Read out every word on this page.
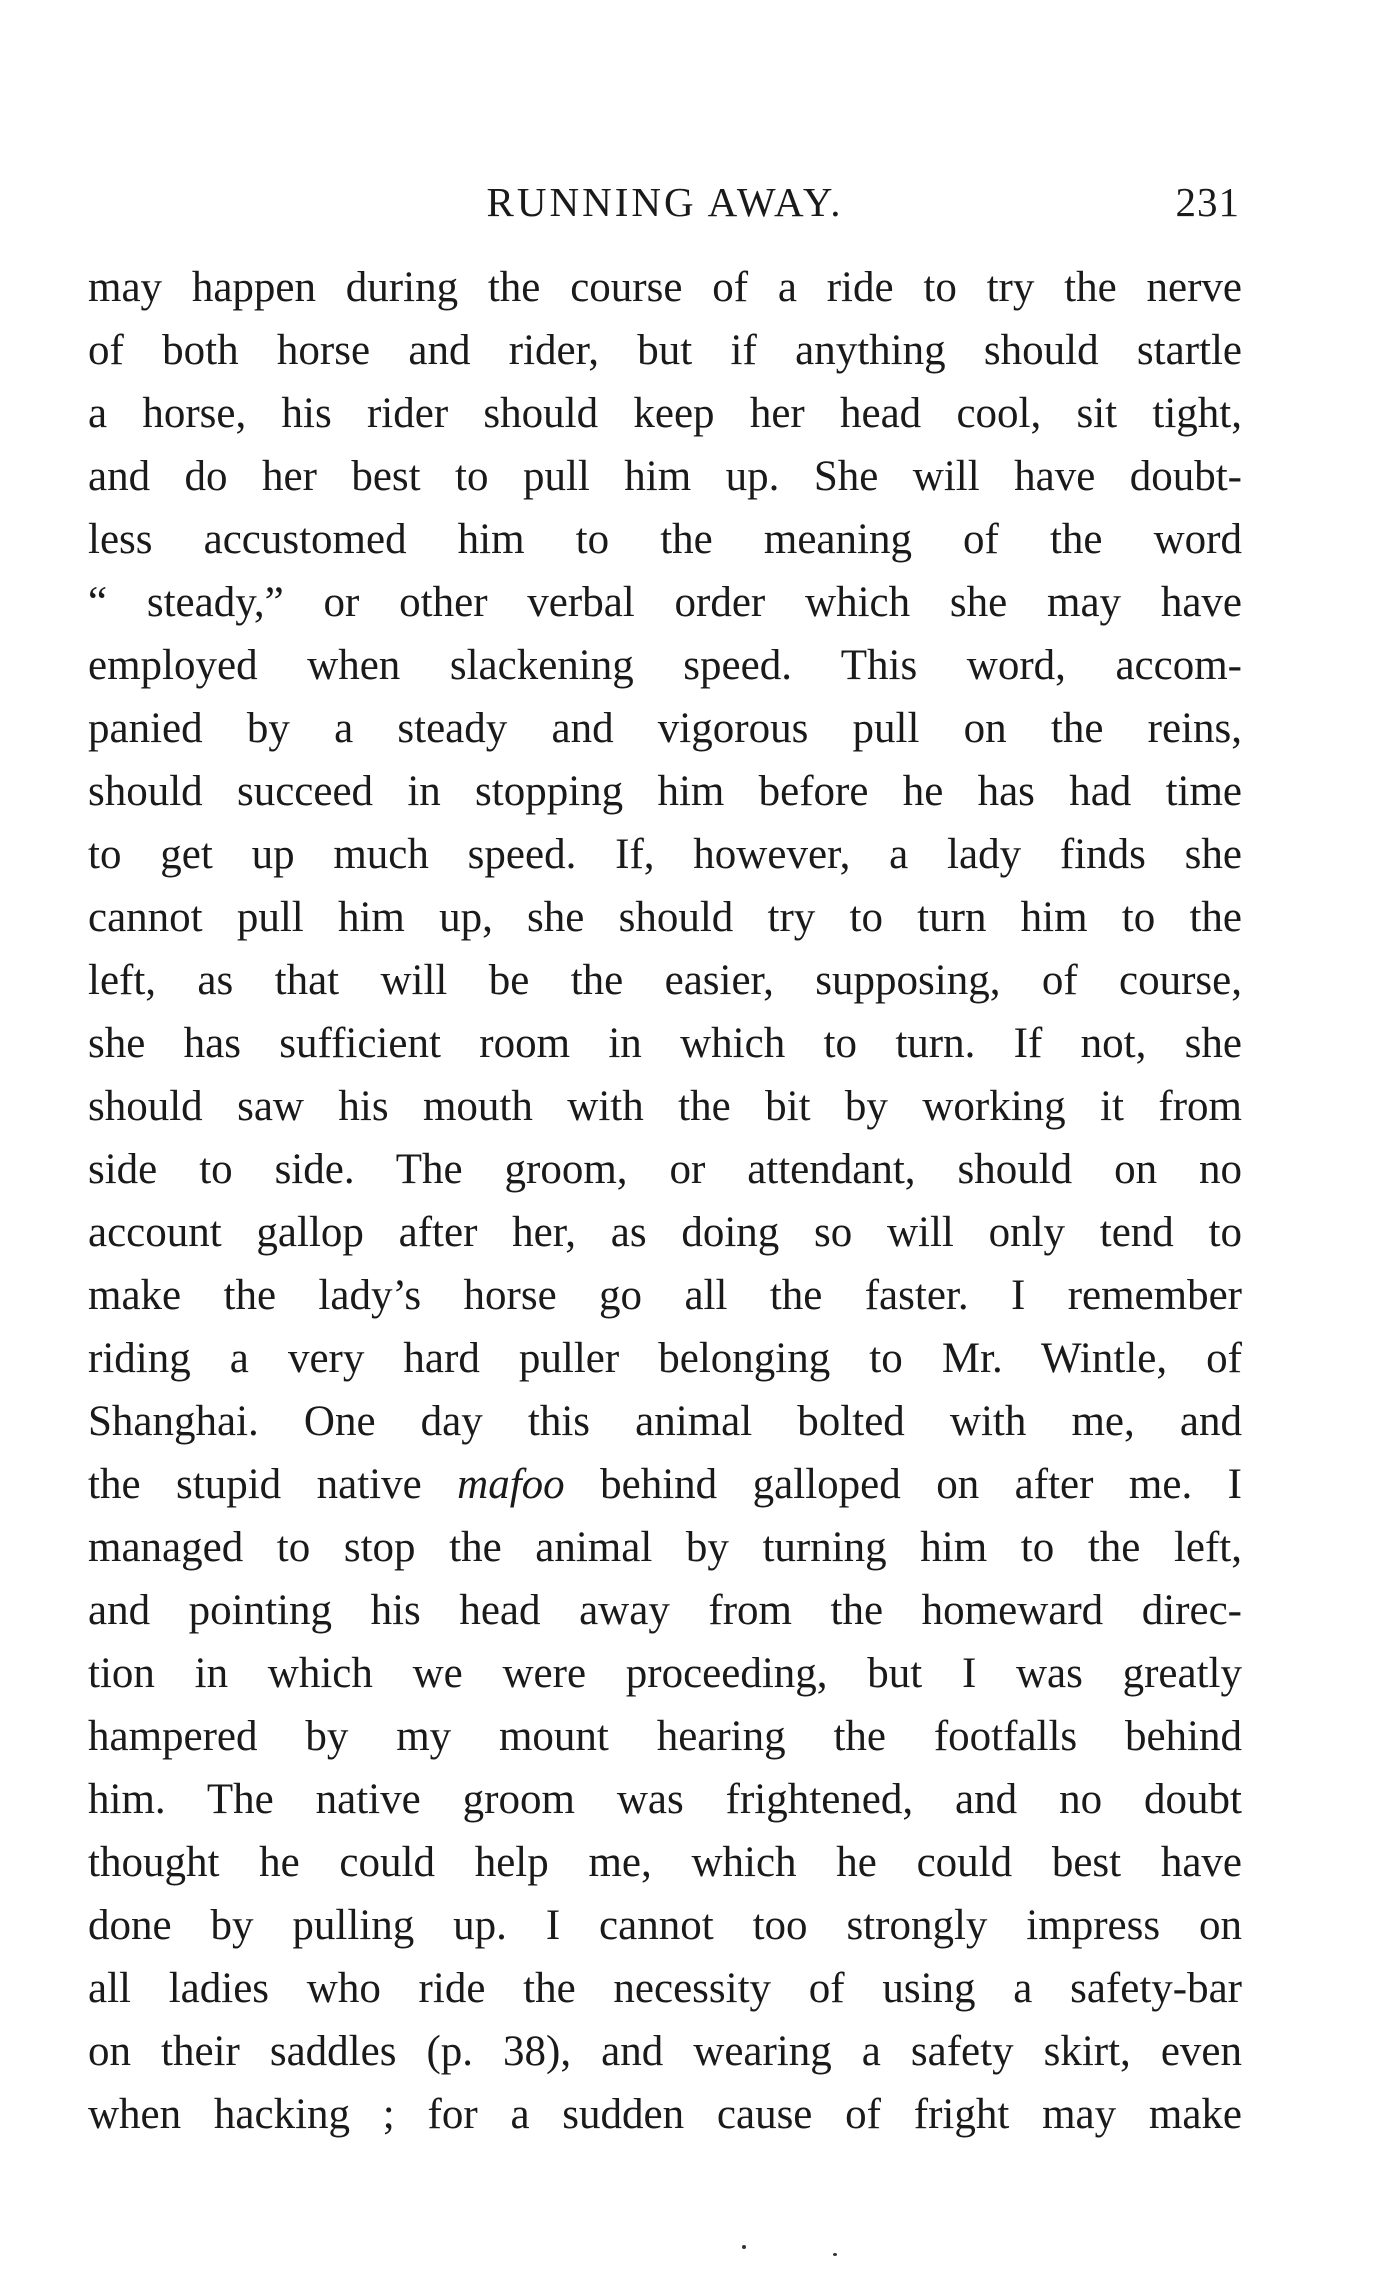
RUNNING AWAY.	231
may happen during the course of a ride to try the nerve
of both horse and rider, but if anything should startle
a horse, his rider should keep her head cool, sit tight,
and do her best to pull him up. She will have doubt-
less accustomed him to the meaning of the word
“ steady,” or other verbal order which she may have
employed when slackening speed. This word, accom-
panied by a steady and vigorous pull on the reins,
should succeed in stopping him before he has had time
to get up much speed. If, however, a lady finds she
cannot pull him up, she should try to turn him to the
left, as that will be the easier, supposing, of course,
she has sufficient room in which to turn. If not, she
should saw his mouth with the bit by working it from
side to side. The groom, or attendant, should on no
account gallop after her, as doing so will only tend to
make the lady’s horse go all the faster. I remember
riding a very hard puller belonging to Mr. Wintle, of
Shanghai. One day this animal bolted with me, and
the stupid native mafoo behind galloped on after me. I
managed to stop the animal by turning him to the left,
and pointing his head away from the homeward direc-
tion in which we were proceeding, but I was greatly
hampered by my mount hearing the footfalls behind
him. The native groom was frightened, and no doubt
thought he could help me, which he could best have
done by pulling up. I cannot too strongly impress on
all ladies who ride the necessity of using a safety-bar
on their saddles (p. 38), and wearing a safety skirt, even
when hacking ; for a sudden cause of fright may make
